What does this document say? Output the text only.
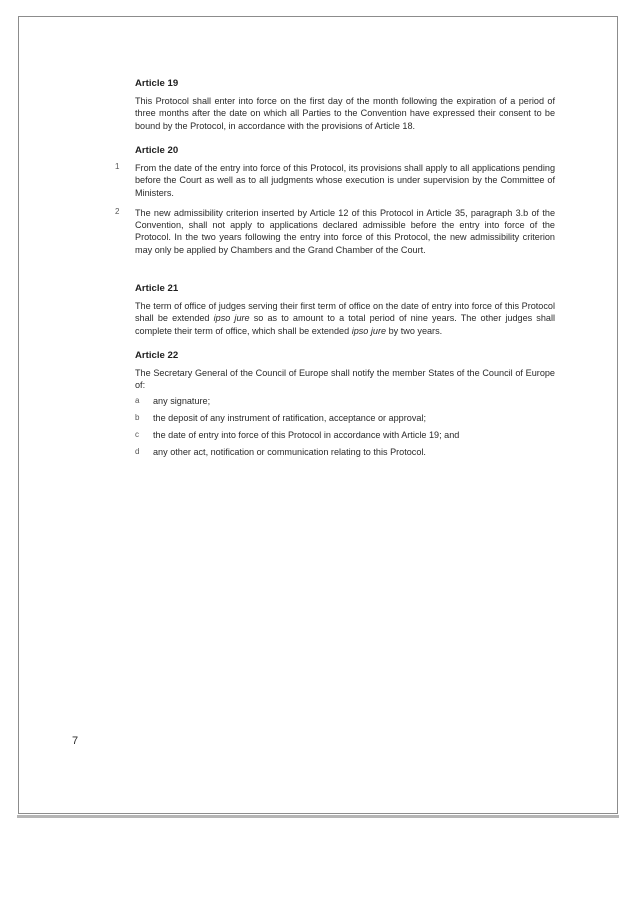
Article 19

This Protocol shall enter into force on the first day of the month following the expiration of a period of three months after the date on which all Parties to the Convention have expressed their consent to be bound by the Protocol, in accordance with the provisions of Article 18.

Article 20
1 From the date of the entry into force of this Protocol, its provisions shall apply to all applications pending before the Court as well as to all judgments whose execution is under supervision by the Committee of Ministers.

2 The new admissibility criterion inserted by Article 12 of this Protocol in Article 35, paragraph 3.b of the Convention, shall not apply to applications declared admissible before the entry into force of the Protocol. In the two years following the entry into force of this Protocol, the new admissibility criterion may only be applied by Chambers and the Grand Chamber of the Court.

Article 21

The term of office of judges serving their first term of office on the date of entry into force of this Protocol shall be extended ipso jure so as to amount to a total period of nine years. The other judges shall complete their term of office, which shall be extended ipso jure by two years.

Article 22

The Secretary General of the Council of Europe shall notify the member States of the Council of Europe of:

a	any signature;
b	the deposit of any instrument of ratification, acceptance or approval;
c	the date of entry into force of this Protocol in accordance with Article 19; and
d	any other act, notification or communication relating to this Protocol.
7
